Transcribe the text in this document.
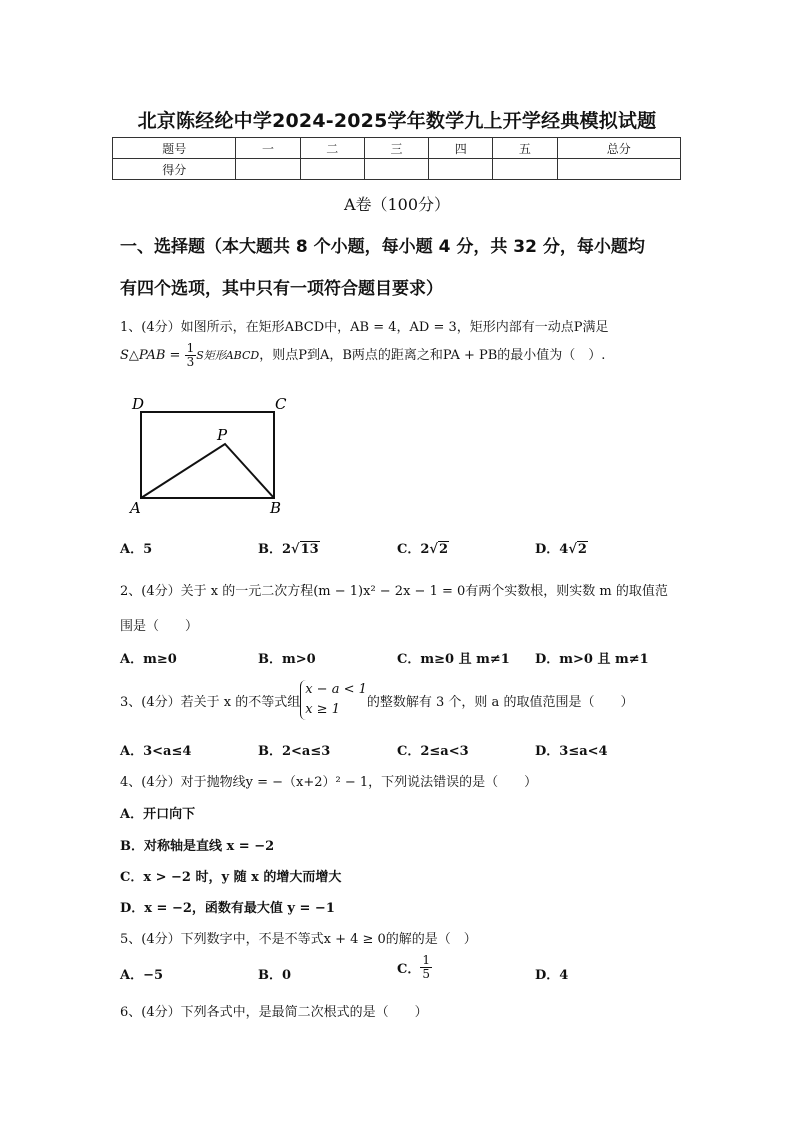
北京陈经纶中学2024-2025学年数学九上开学经典模拟试题
题号	一	二	三	四	五	总分
得分						
A卷（100分）
一、选择题（本大题共 8 个小题，每小题 4 分，共 32 分，每小题均
有四个选项，其中只有一项符合题目要求）
1、(4分）如图所示，在矩形ABCD中，AB = 4，AD = 3，矩形内部有一动点P满足
S△PAB = $\frac{1}{3}$ S矩形ABCD，则点P到A，B两点的距离之和PA + PB的最小值为（　）.
D	C
P
A	B
A．5	B．2√13	C．2√2	D．4√2
2、(4分）关于 x 的一元二次方程(m − 1)x² − 2x − 1 = 0有两个实数根，则实数 m 的取值范
围是（　　）
A．m≥0	B．m>0	C．m≥0 且 m≠1 D．m>0 且 m≠1
3、(4分）若关于 x 的不等式组
x − a < 1
x ≥ 1	的整数解有 3 个，则 a 的取值范围是（　　）
A．3<a≤4	B．2<a≤3	C．2≤a<3	D．3≤a<4
4、(4分）对于抛物线y = −（x+2）² − 1，下列说法错误的是（　　）
A．开口向下
B．对称轴是直线 x = −2
C．x > −2 时，y 随 x 的增大而增大
D．x = −2，函数有最大值 y = −1
5、(4分）下列数字中，不是不等式x + 4 ≥ 0的解的是（　）
A．−5	B．0	C． $\frac{1}{5}$	D．4
6、(4分）下列各式中，是最简二次根式的是（　　）
